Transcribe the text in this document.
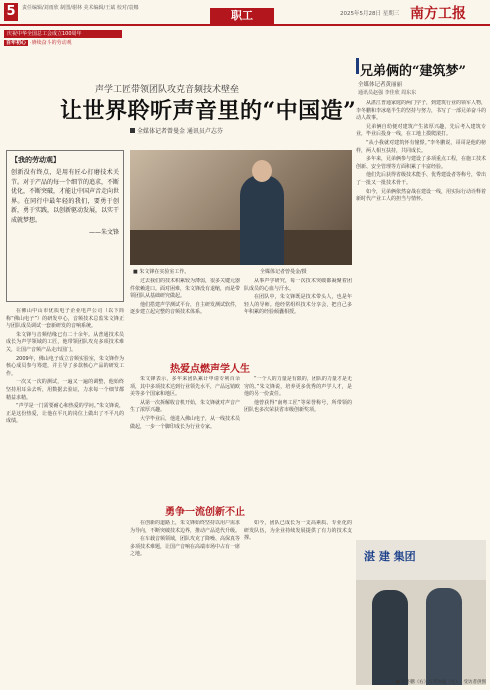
5	责任编辑/刘雨欣 制图/谢林 美术编辑/王斌 校对/袁娜
职工	2025年5月28日 星期三 南方工报
庆祝中华全国总工会成立100周年
百年初心 ·赓续奋斗的劳动观
声学工匠带领团队攻克音频技术壁垒
让世界聆听声音里的“中国造”
全媒体记者曾曼金 通讯员卢志芬
兄弟俩的“建筑梦”
全媒体记者黄丽丽
通讯员赵强 李佳欣 周东东

从湛江普通家庭的两门学子，到建筑行业的领军人物，李冬鹏和李冰毫半生的坚持与努力，书写了一部兄弟奋斗的动人故事。

兄弟俩自幼便对建筑产生浓厚兴趣，先后考入建筑专业，毕业后投身一线，在工地上摸爬滚打。

“从小我就对建筑怀有憧憬。”李冬鹏说，哥哥是他的榜样，两人相互扶持，共同成长。

多年来，兄弟俩参与建设了多项重点工程，在施工技术创新、安全管理等方面积累了丰富经验。

他们先后获得省级技术能手、优秀建设者等称号，带出了一批又一批技术骨干。

如今，兄弟俩依然奋战在建设一线，用实际行动诠释着新时代产业工人的担当与情怀。

【我的劳动观】
创新没有终点，是用有匠心打磨技术关节。对于产品的每一个细节的追求，不断优化，不断突破，才能让中国声音走向世界。在同行中最年轻的我们，要勇于创新，勇于实践，以创新驱动发展，以实干成就梦想。
——朱文锋
■ 朱文锋在实验室工作。	全媒体记者曾曼金/摄

在佛山中山市优质电子企业电声公司（以下简称“佛山电子”）的研发中心，音频技术总监朱文锋正与团队成员调试一套新研发的音响系统。

朱文锋与音频结缘已有二十余年。从普通技术员成长为声学领域的工匠，他带领团队攻克多项技术难关，让国产音频产品走出国门。

2009年，佛山电子成立音频实验室，朱文锋作为核心成员参与筹建，并主导了多款核心产品的研发工作。

一次又一次的测试，一遍又一遍的调整，他始终坚持用耳朵去听，用数据去验证，力求每一个细节都精益求精。

“声学是一门需要耐心和热爱的学问。”朱文锋说，正是这份热爱，让他在平凡的岗位上做出了不平凡的成绩。

过去我们的技术积累较为薄弱，很多关键元器件依赖进口。面对困难，朱文锋没有退缩，而是带领团队从基础研究做起。

他们搭建声学测试平台，自主研发测试软件，逐步建立起完整的音频技术体系。

从事声学研究，每一次技术突破都凝聚着团队成员的心血与汗水。

在团队中，朱文锋既是技术带头人，也是年轻人的导师。他经常组织技术分享会，把自己多年积累的经验倾囊相授。

热爱点燃声学人生

朱文锋表示，多年来团队累计申请专利百余项，其中多项技术达到行业领先水平，产品远销欧美等多个国家和地区。

从第一次拆解收音机开始，朱文锋就对声音产生了浓厚兴趣。

大学毕业后，他进入佛山电子，从一线技术员做起，一步一个脚印成长为行业专家。

“一个人的力量是有限的，团队的力量才是无穷的。”朱文锋说，培养更多优秀的声学人才，是他的另一份责任。

他曾获得“南粤工匠”等荣誉称号，所带领的团队也多次荣获省市级创新奖项。

勇争一流创新不止

在创新的道路上，朱文锋始终坚持以用户需求为导向，不断突破技术边界，推动产品迭代升级。

在车载音频领域，团队攻克了降噪、高保真等多项技术难题，让国产音响在高端市场中占有一席之地。

如今，团队已成长为一支高素质、专业化的研发队伍，为企业持续发展提供了有力的技术支撑。

湛 建 集团
■ 李冬鹏（右）与李冰毫（左）。 受访者供图
